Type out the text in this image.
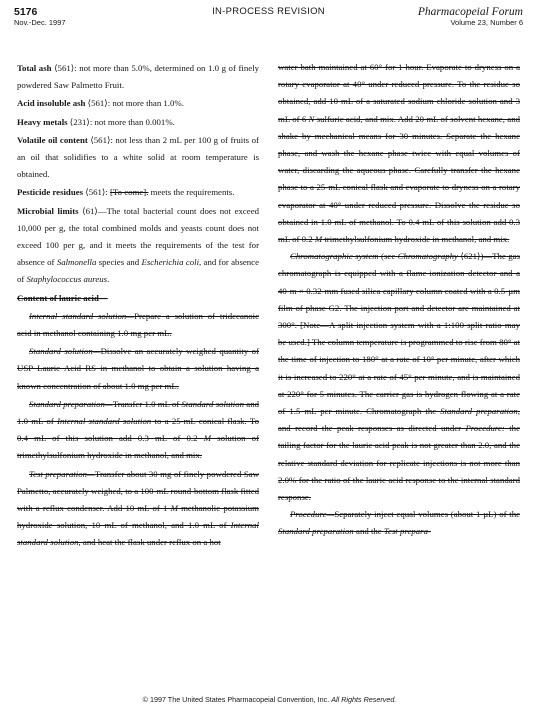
5176
Nov.-Dec. 1997
IN-PROCESS REVISION	Pharmacopeial Forum
Volume 23, Number 6

Total ash ⟨561⟩: not more than 5.0%, determined on 1.0 g of finely powdered Saw Palmetto Fruit.

Acid insoluble ash ⟨561⟩: not more than 1.0%.

Heavy metals ⟨231⟩: not more than 0.001%.

Volatile oil content ⟨561⟩: not less than 2 mL per 100 g of fruits of an oil that solidifies to a white solid at room temperature is obtained.

Pesticide residues ⟨561⟩: [To come]. meets the requirements.

Microbial limits ⟨61⟩—The total bacterial count does not exceed 10,000 per g, the total combined molds and yeasts count does not exceed 100 per g, and it meets the requirements of the test for absence of Salmonella species and Escherichia coli, and for absence of Staphylococcus aureus.

Content of lauric acid—

Internal standard solution—Prepare a solution of tridecanoic acid in methanol containing 1.0 mg per mL.

Standard solution—Dissolve an accurately weighed quantity of USP Lauric Acid RS in methanol to obtain a solution having a known concentration of about 1.0 mg per mL.

Standard preparation—Transfer 1.0 mL of Standard solution and 1.0 mL of Internal standard solution to a 25-mL conical flask. To 0.4 mL of this solution add 0.3 mL of 0.2 M solution of trimethylsulfonium hydroxide in methanol, and mix.

Test preparation—Transfer about 30 mg of finely powdered Saw Palmetto, accurately weighed, to a 100-mL round-bottom flask fitted with a reflux condenser. Add 10 mL of 1 M methanolic potassium hydroxide solution, 10 mL of methanol, and 1.0 mL of Internal standard solution, and heat the flask under reflux on a hot

water bath maintained at 60° for 1 hour. Evaporate to dryness on a rotary evaporator at 40° under reduced pressure. To the residue so obtained, add 10 mL of a saturated sodium chloride solution and 3 mL of 6 N sulfuric acid, and mix. Add 20 mL of solvent hexane, and shake by mechanical means for 30 minutes. Separate the hexane phase, and wash the hexane phase twice with equal volumes of water, discarding the aqueous phase. Carefully transfer the hexane phase to a 25-mL conical flask and evaporate to dryness on a rotary evaporator at 40° under reduced pressure. Dissolve the residue so obtained in 1.0 mL of methanol. To 0.4 mL of this solution add 0.3 mL of 0.2 M trimethylsulfonium hydroxide in methanol, and mix.

Chromatographic system (see Chromatography ⟨621⟩)—The gas chromatograph is equipped with a flame-ionization detector and a 40-m × 0.32-mm fused silica capillary column coated with a 0.5-µm film of phase G2. The injection port and detector are maintained at 300°. [Note—A split injection system with a 1:100 split ratio may be used.] The column temperature is programmed to rise from 80° at the time of injection to 180° at a rate of 10° per minute, after which it is increased to 220° at a rate of 45° per minute, and is maintained at 220° for 5 minutes. The carrier gas is hydrogen flowing at a rate of 1.5 mL per minute. Chromatograph the Standard preparation, and record the peak responses as directed under Procedure: the tailing factor for the lauric acid peak is not greater than 2.0, and the relative standard deviation for replicate injections is not more than 2.0% for the ratio of the lauric acid response to the internal standard response.

Procedure—Separately inject equal volumes (about 1 µL) of the Standard preparation and the Test prepara-

© 1997 The United States Pharmacopeial Convention, Inc. All Rights Reserved.
